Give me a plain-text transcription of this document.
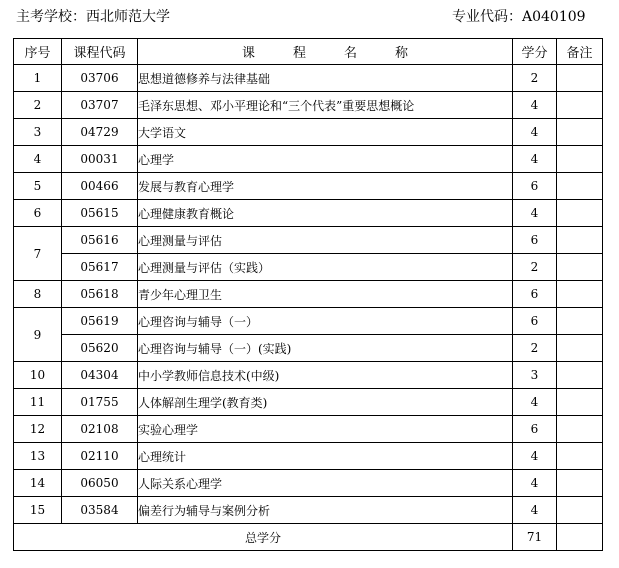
主考学校：西北师范大学	专业代码：A040109
序号	课程代码	课程名称	学分	备注
1	03706	思想道德修养与法律基础	2	
2	03707	毛泽东思想、邓小平理论和“三个代表”重要思想概论	4	
3	04729	大学语文	4	
4	00031	心理学	4	
5	00466	发展与教育心理学	6	
6	05615	心理健康教育概论	4	
7	05616	心理测量与评估	6	
	05617	心理测量与评估（实践）	2	
8	05618	青少年心理卫生	6	
9	05619	心理咨询与辅导（一）	6	
	05620	心理咨询与辅导（一）(实践)	2	
10	04304	中小学教师信息技术(中级)	3	
11	01755	人体解剖生理学(教育类)	4	
12	02108	实验心理学	6	
13	02110	心理统计	4	
14	06050	人际关系心理学	4	
15	03584	偏差行为辅导与案例分析	4	
总学分			71	
